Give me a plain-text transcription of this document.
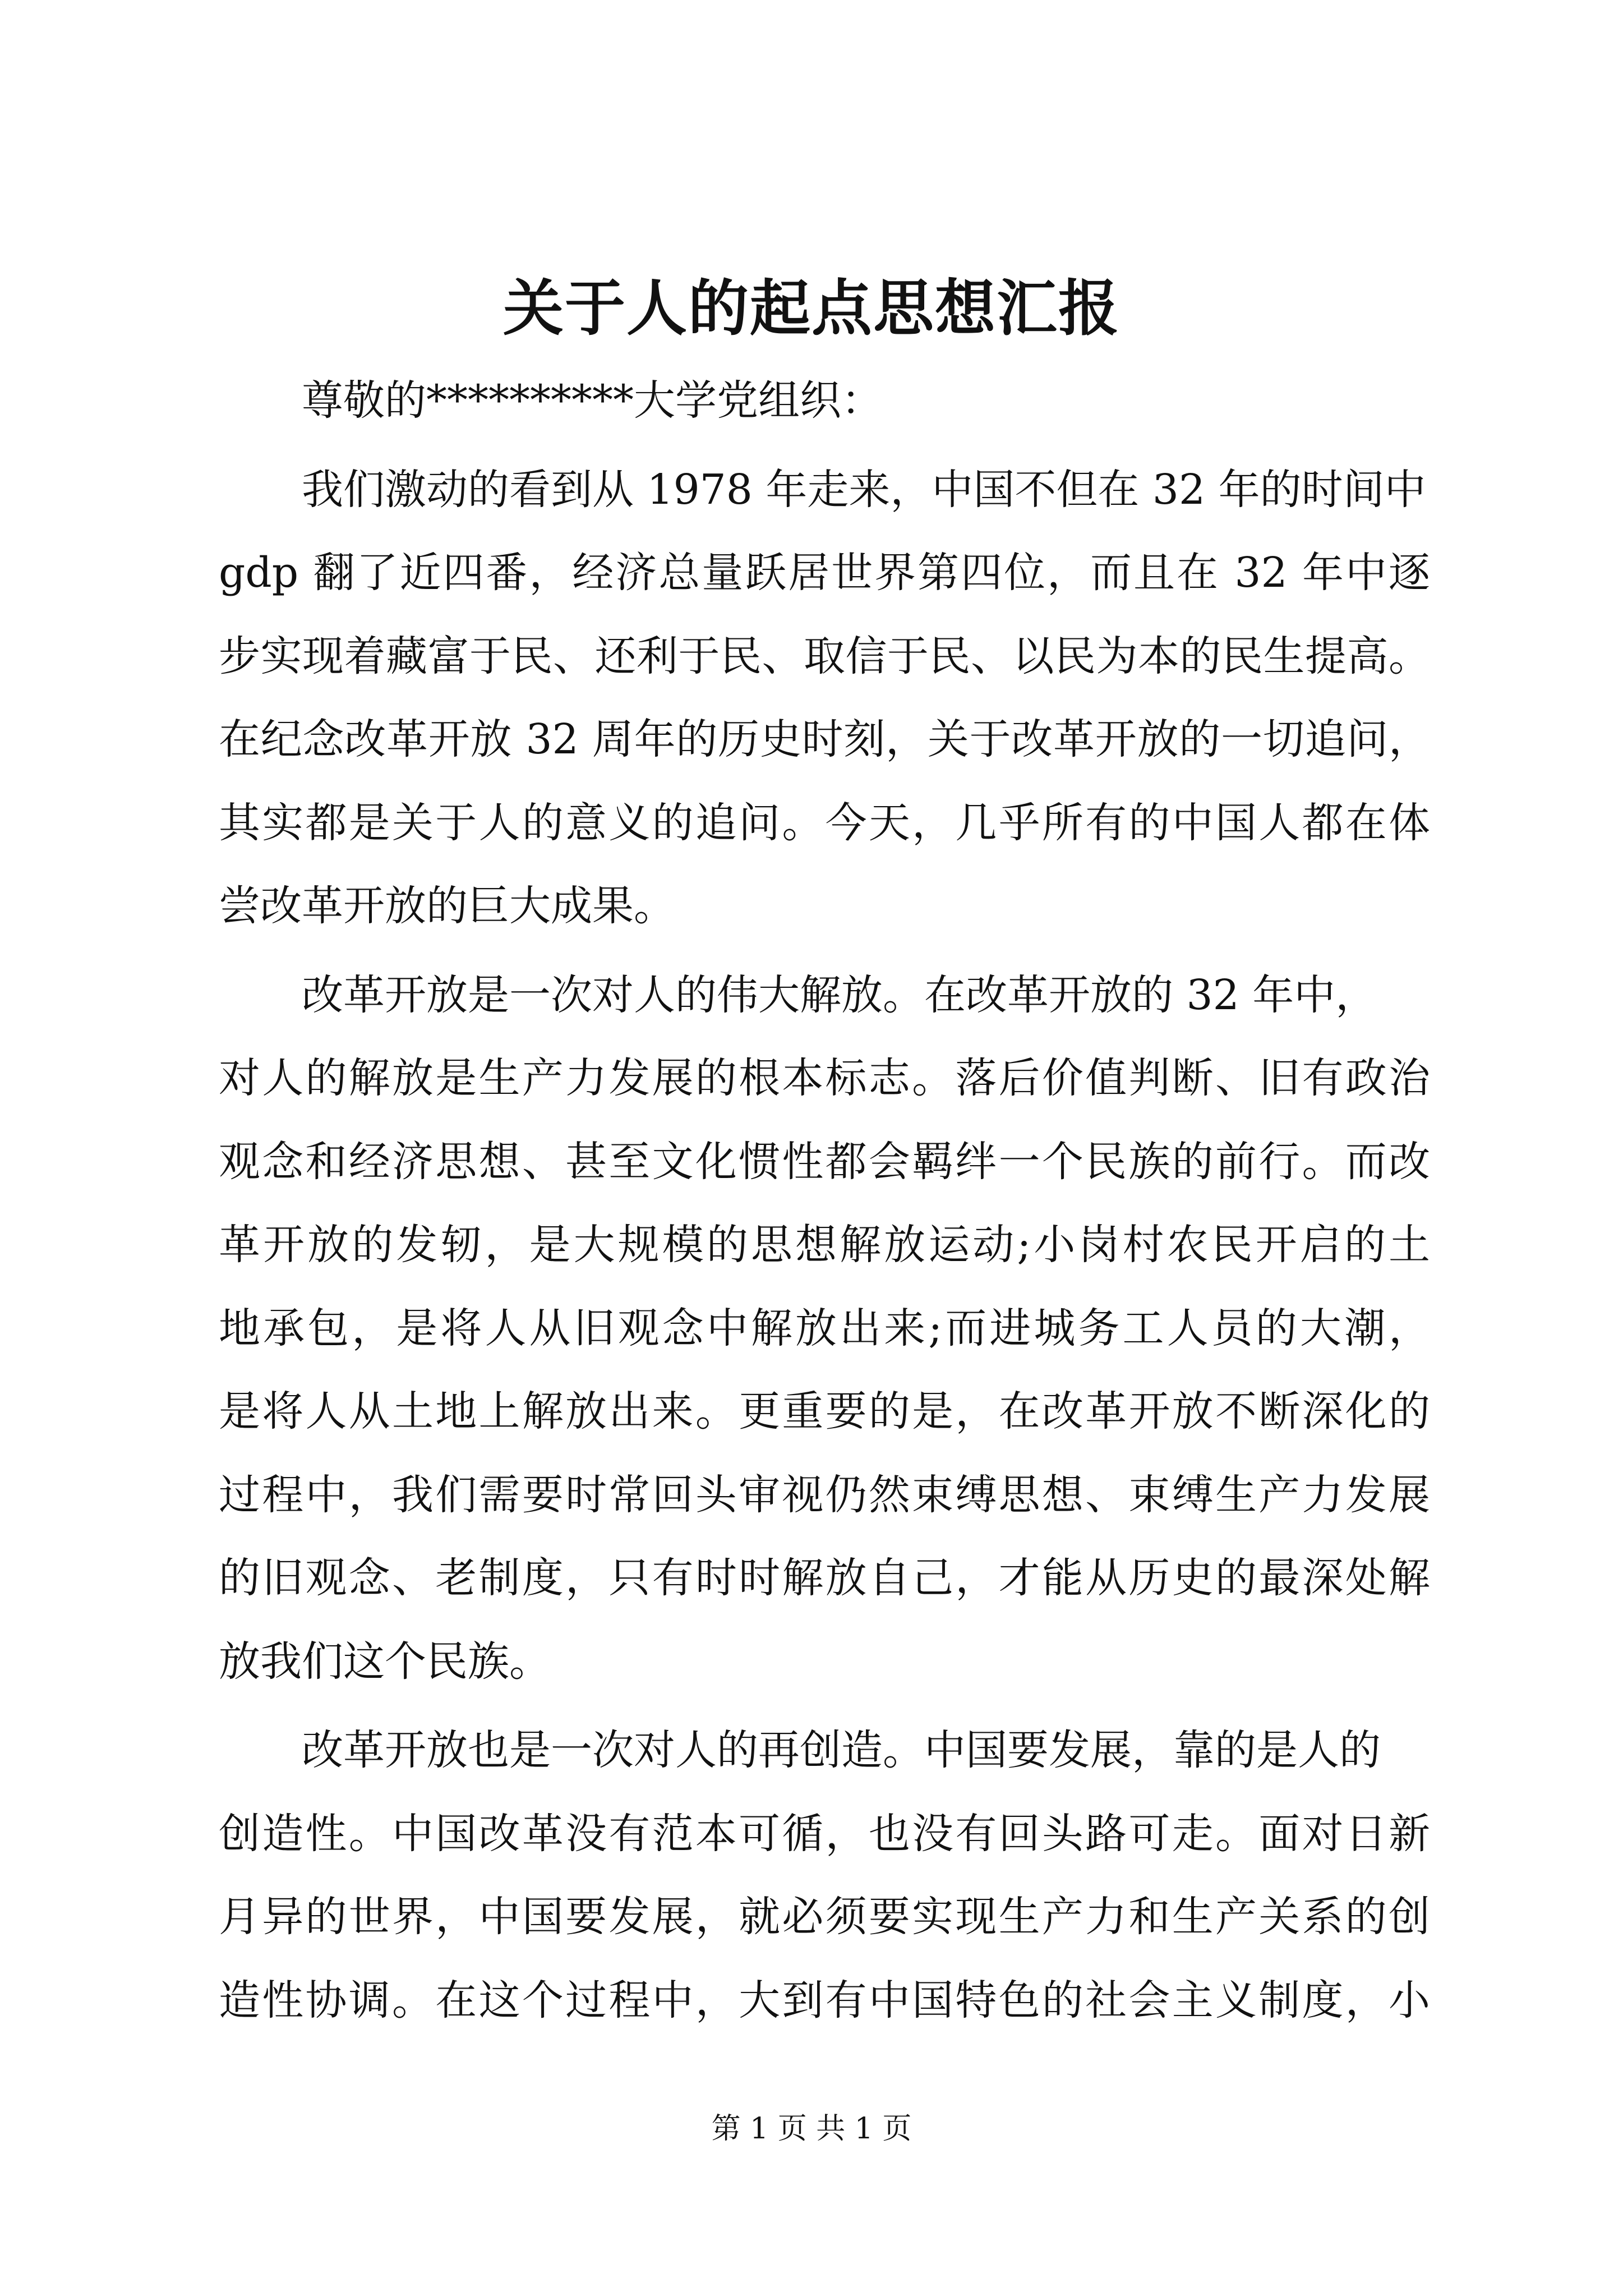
关于人的起点思想汇报
尊敬的**********大学党组织：
我们激动的看到从 1978 年走来，中国不但在 32 年的时间中
gdp 翻了近四番，经济总量跃居世界第四位，而且在 32 年中逐
步实现着藏富于民、还利于民、取信于民、以民为本的民生提高。
在纪念改革开放 32 周年的历史时刻，关于改革开放的一切追问，
其实都是关于人的意义的追问。今天，几乎所有的中国人都在体
尝改革开放的巨大成果。
改革开放是一次对人的伟大解放。在改革开放的 32 年中，
对人的解放是生产力发展的根本标志。落后价值判断、旧有政治
观念和经济思想、甚至文化惯性都会羁绊一个民族的前行。而改
革开放的发轫，是大规模的思想解放运动;小岗村农民开启的土
地承包，是将人从旧观念中解放出来;而进城务工人员的大潮，
是将人从土地上解放出来。更重要的是，在改革开放不断深化的
过程中，我们需要时常回头审视仍然束缚思想、束缚生产力发展
的旧观念、老制度，只有时时解放自己，才能从历史的最深处解
放我们这个民族。
改革开放也是一次对人的再创造。中国要发展，靠的是人的
创造性。中国改革没有范本可循，也没有回头路可走。面对日新
月异的世界，中国要发展，就必须要实现生产力和生产关系的创
造性协调。在这个过程中，大到有中国特色的社会主义制度，小
第 1 页 共 1 页
